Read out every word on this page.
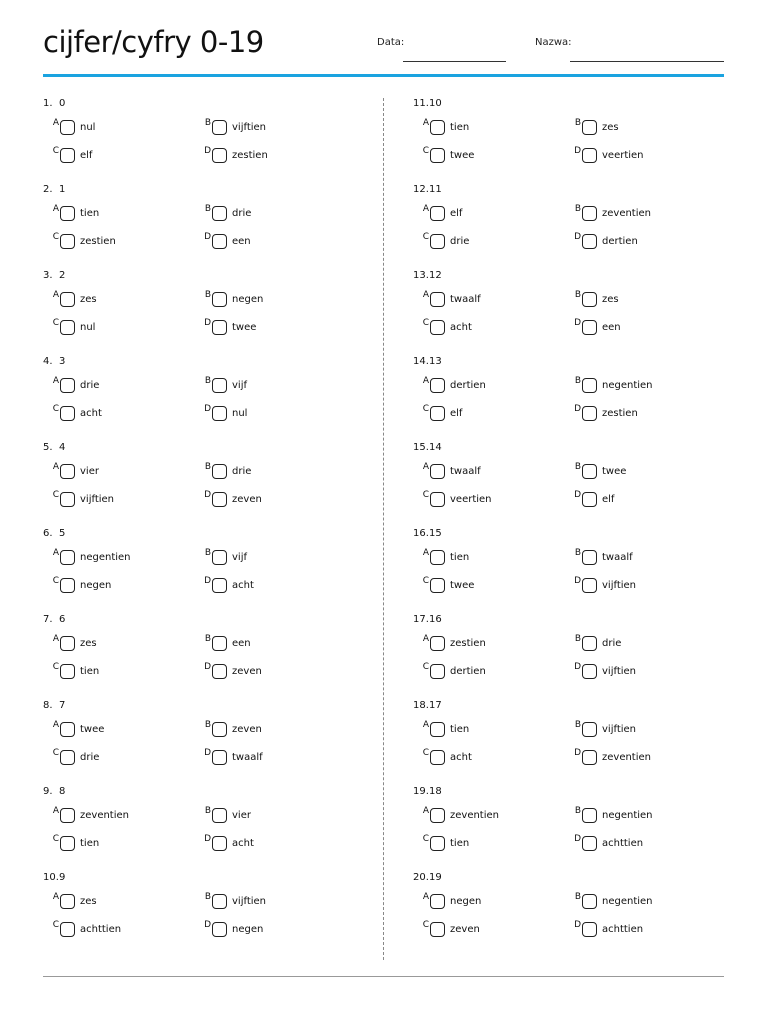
cijfer/cyfry 0-19	Data:	Nazwa:
1. 0
A nul	B vijftien
C elf	D zestien
2. 1
A tien	B drie
C zestien	D een
3. 2
A zes	B negen
C nul	D twee
4. 3
A drie	B vijf
C acht	D nul
5. 4
A vier	B drie
C vijftien	D zeven
6. 5
A negentien	B vijf
C negen	D acht
7. 6
A zes	B een
C tien	D zeven
8. 7
A twee	B zeven
C drie	D twaalf
9. 8
A zeventien	B vier
C tien	D acht
10.9
A zes	B vijftien
C achttien	D negen
11.10
A tien	B zes
C twee	D veertien
12.11
A elf	B zeventien
C drie	D dertien
13.12
A twaalf	B zes
C acht	D een
14.13
A dertien	B negentien
C elf	D zestien
15.14
A twaalf	B twee
C veertien	D elf
16.15
A tien	B twaalf
C twee	D vijftien
17.16
A zestien	B drie
C dertien	D vijftien
18.17
A tien	B vijftien
C acht	D zeventien
19.18
A zeventien	B negentien
C tien	D achttien
20.19
A negen	B negentien
C zeven	D achttien
